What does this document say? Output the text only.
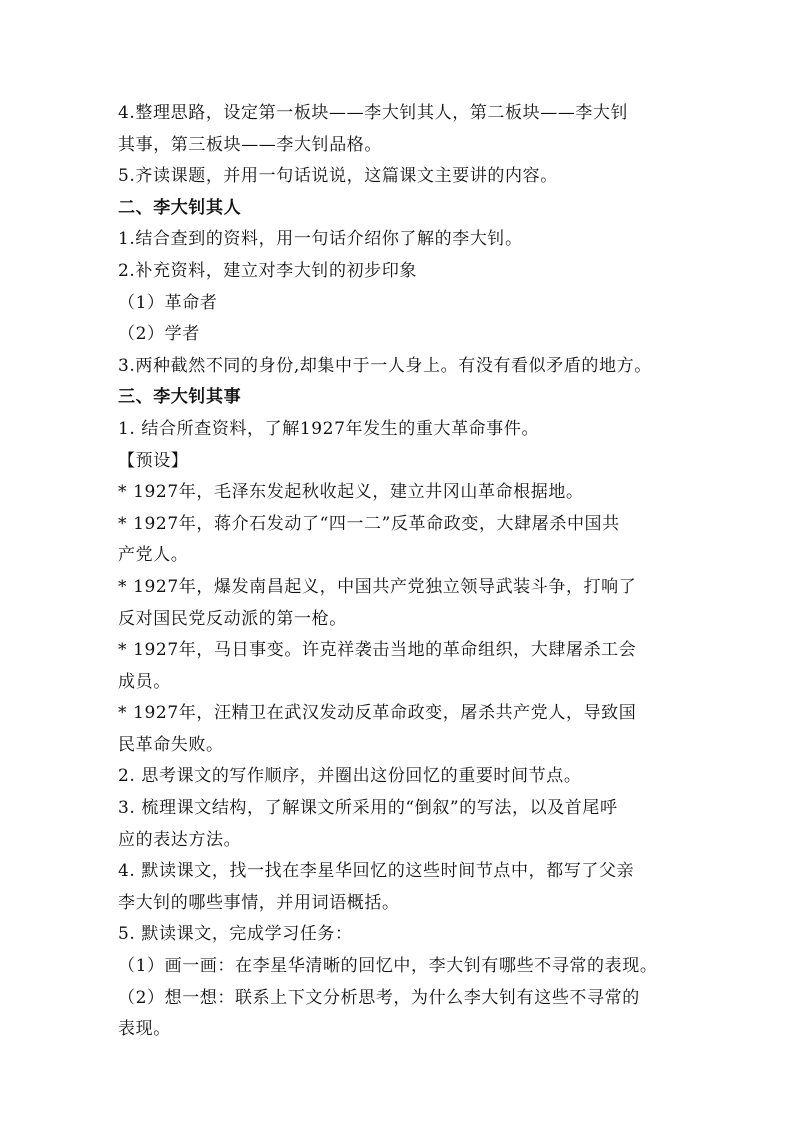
4.整理思路，设定第一板块——李大钊其人，第二板块——李大钊
其事，第三板块——李大钊品格。
5.齐读课题，并用一句话说说，这篇课文主要讲的内容。
二、李大钊其人
1.结合查到的资料，用一句话介绍你了解的李大钊。
2.补充资料，建立对李大钊的初步印象
（1）革命者
（2）学者
3.两种截然不同的身份,却集中于一人身上。有没有看似矛盾的地方。
三、李大钊其事
1. 结合所查资料，了解1927年发生的重大革命事件。
【预设】
* 1927年，毛泽东发起秋收起义，建立井冈山革命根据地。
* 1927年，蒋介石发动了“四一二”反革命政变，大肆屠杀中国共
产党人。
* 1927年，爆发南昌起义，中国共产党独立领导武装斗争，打响了
反对国民党反动派的第一枪。
* 1927年，马日事变。许克祥袭击当地的革命组织，大肆屠杀工会
成员。
* 1927年，汪精卫在武汉发动反革命政变，屠杀共产党人，导致国
民革命失败。
2. 思考课文的写作顺序，并圈出这份回忆的重要时间节点。
3. 梳理课文结构，了解课文所采用的“倒叙”的写法，以及首尾呼
应的表达方法。
4. 默读课文，找一找在李星华回忆的这些时间节点中，都写了父亲
李大钊的哪些事情，并用词语概括。
5. 默读课文，完成学习任务：
（1）画一画：在李星华清晰的回忆中，李大钊有哪些不寻常的表现。
（2）想一想：联系上下文分析思考，为什么李大钊有这些不寻常的
表现。
